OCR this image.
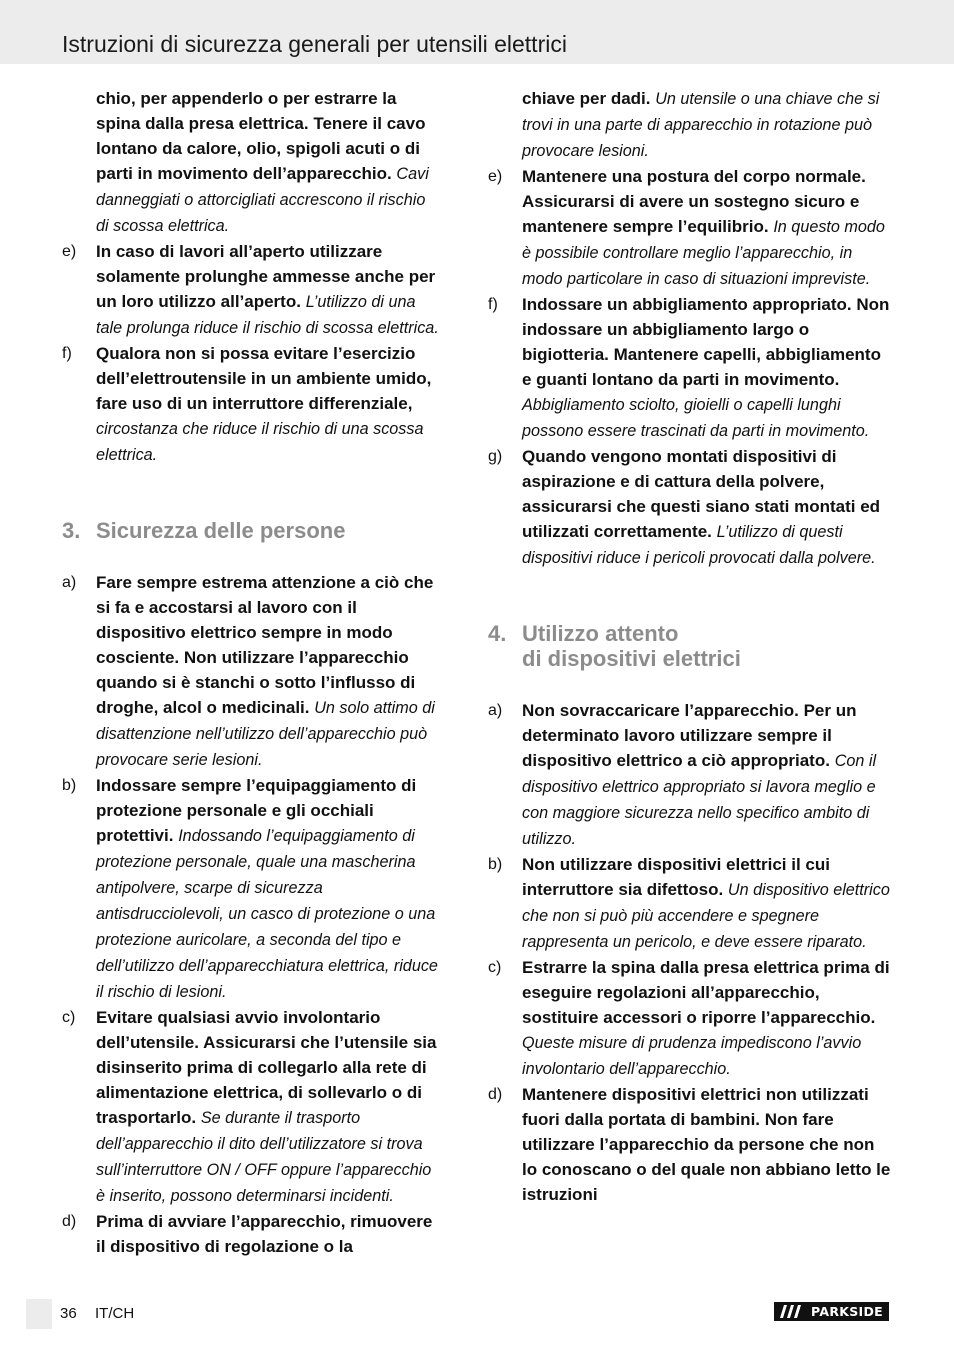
Istruzioni di sicurezza generali per utensili elettrici
chio, per appenderlo o per estrarre la spina dalla presa elettrica. Tenere il cavo lontano da calore, olio, spigoli acuti o di parti in movimento dell’apparecchio. Cavi danneggiati o attorcigliati accrescono il rischio di scossa elettrica.
e) In caso di lavori all’aperto utilizzare solamente prolunghe ammesse anche per un loro utilizzo all’aperto. L’utilizzo di una tale prolunga riduce il rischio di scossa elettrica.
f) Qualora non si possa evitare l’esercizio dell’elettroutensile in un ambiente umido, fare uso di un interruttore differenziale, circostanza che riduce il rischio di una scossa elettrica.
3. Sicurezza delle persone
a) Fare sempre estrema attenzione a ciò che si fa e accostarsi al lavoro con il dispositivo elettrico sempre in modo cosciente. Non utilizzare l’apparecchio quando si è stanchi o sotto l’influsso di droghe, alcol o medicinali. Un solo attimo di disattenzione nell’utilizzo dell’apparecchio può provocare serie lesioni.
b) Indossare sempre l’equipaggiamento di protezione personale e gli occhiali protettivi. Indossando l’equipaggiamento di protezione personale, quale una mascherina antipolvere, scarpe di sicurezza antisdrucciolevoli, un casco di protezione o una protezione auricolare, a seconda del tipo e dell’utilizzo dell’apparecchiatura elettrica, riduce il rischio di lesioni.
c) Evitare qualsiasi avvio involontario dell’utensile. Assicurarsi che l’utensile sia disinserito prima di collegarlo alla rete di alimentazione elettrica, di sollevarlo o di trasportarlo. Se durante il trasporto dell’apparecchio il dito dell’utilizzatore si trova sull’interruttore ON / OFF oppure l’apparecchio è inserito, possono determinarsi incidenti.
d) Prima di avviare l’apparecchio, rimuovere il dispositivo di regolazione o la
chiave per dadi. Un utensile o una chiave che si trovi in una parte di apparecchio in rotazione può provocare lesioni.
e) Mantenere una postura del corpo normale. Assicurarsi di avere un sostegno sicuro e mantenere sempre l’equilibrio. In questo modo è possibile controllare meglio l’apparecchio, in modo particolare in caso di situazioni impreviste.
f) Indossare un abbigliamento appropriato. Non indossare un abbigliamento largo o bigiotteria. Mantenere capelli, abbigliamento e guanti lontano da parti in movimento. Abbigliamento sciolto, gioielli o capelli lunghi possono essere trascinati da parti in movimento.
g) Quando vengono montati dispositivi di aspirazione e di cattura della polvere, assicurarsi che questi siano stati montati ed utilizzati correttamente. L’utilizzo di questi dispositivi riduce i pericoli provocati dalla polvere.
4. Utilizzo attento
di dispositivi elettrici
a) Non sovraccaricare l’apparecchio. Per un determinato lavoro utilizzare sempre il dispositivo elettrico a ciò appropriato. Con il dispositivo elettrico appropriato si lavora meglio e con maggiore sicurezza nello specifico ambito di utilizzo.
b) Non utilizzare dispositivi elettrici il cui interruttore sia difettoso. Un dispositivo elettrico che non si può più accendere e spegnere rappresenta un pericolo, e deve essere riparato.
c) Estrarre la spina dalla presa elettrica prima di eseguire regolazioni all’apparecchio, sostituire accessori o riporre l’apparecchio. Queste misure di prudenza impediscono l’avvio involontario dell’apparecchio.
d) Mantenere dispositivi elettrici non utilizzati fuori dalla portata di bambini. Non fare utilizzare l’apparecchio da persone che non lo conoscano o del quale non abbiano letto le istruzioni
36 IT/CH	PARKSIDE
